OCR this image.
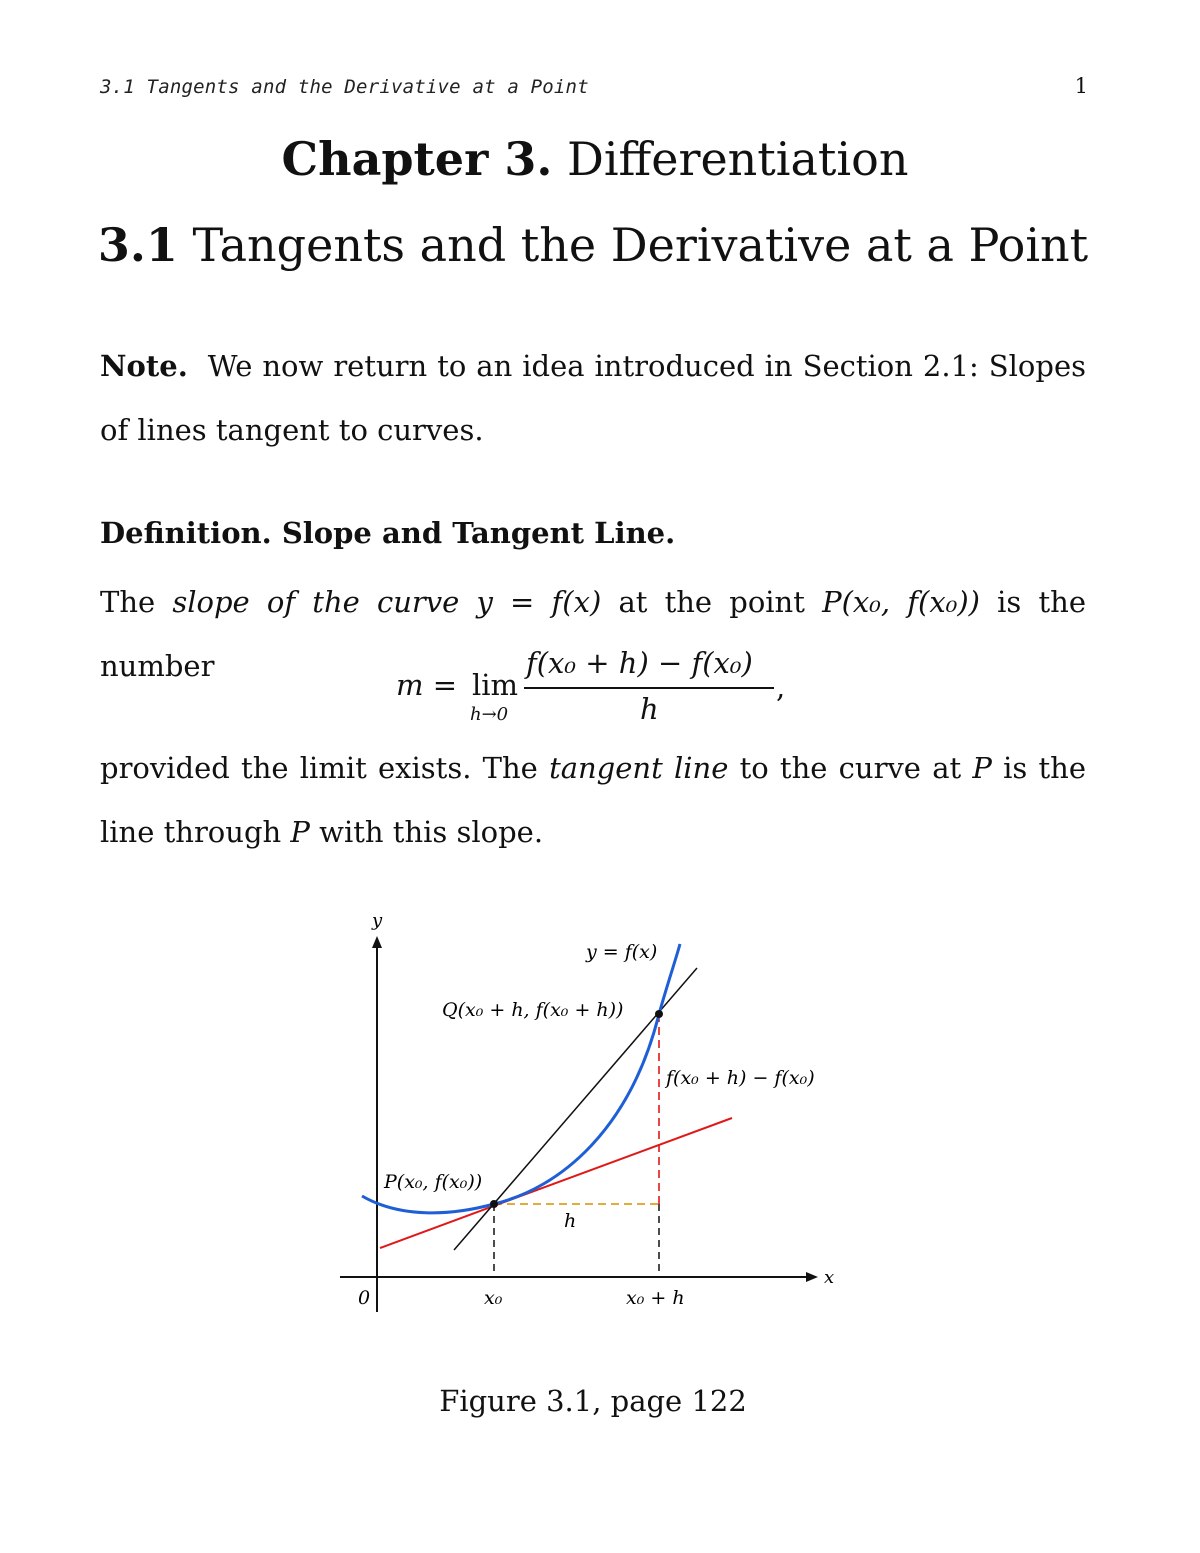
3.1 Tangents and the Derivative at a Point	1
Chapter 3. Differentiation
3.1 Tangents and the Derivative at a Point
Note. We now return to an idea introduced in Section 2.1: Slopes of lines tangent to curves.
Definition. Slope and Tangent Line.
The slope of the curve y = f(x) at the point P(x₀, f(x₀)) is the number
m = lim
h→0
f(x₀ + h) − f(x₀)
h
,
provided the limit exists. The tangent line to the curve at P is the line through P with this slope.
y
x
0
y = f(x)
Q(x₀ + h, f(x₀ + h))
f(x₀ + h) − f(x₀)
P(x₀, f(x₀))
h
x₀	x₀ + h
Figure 3.1, page 122
